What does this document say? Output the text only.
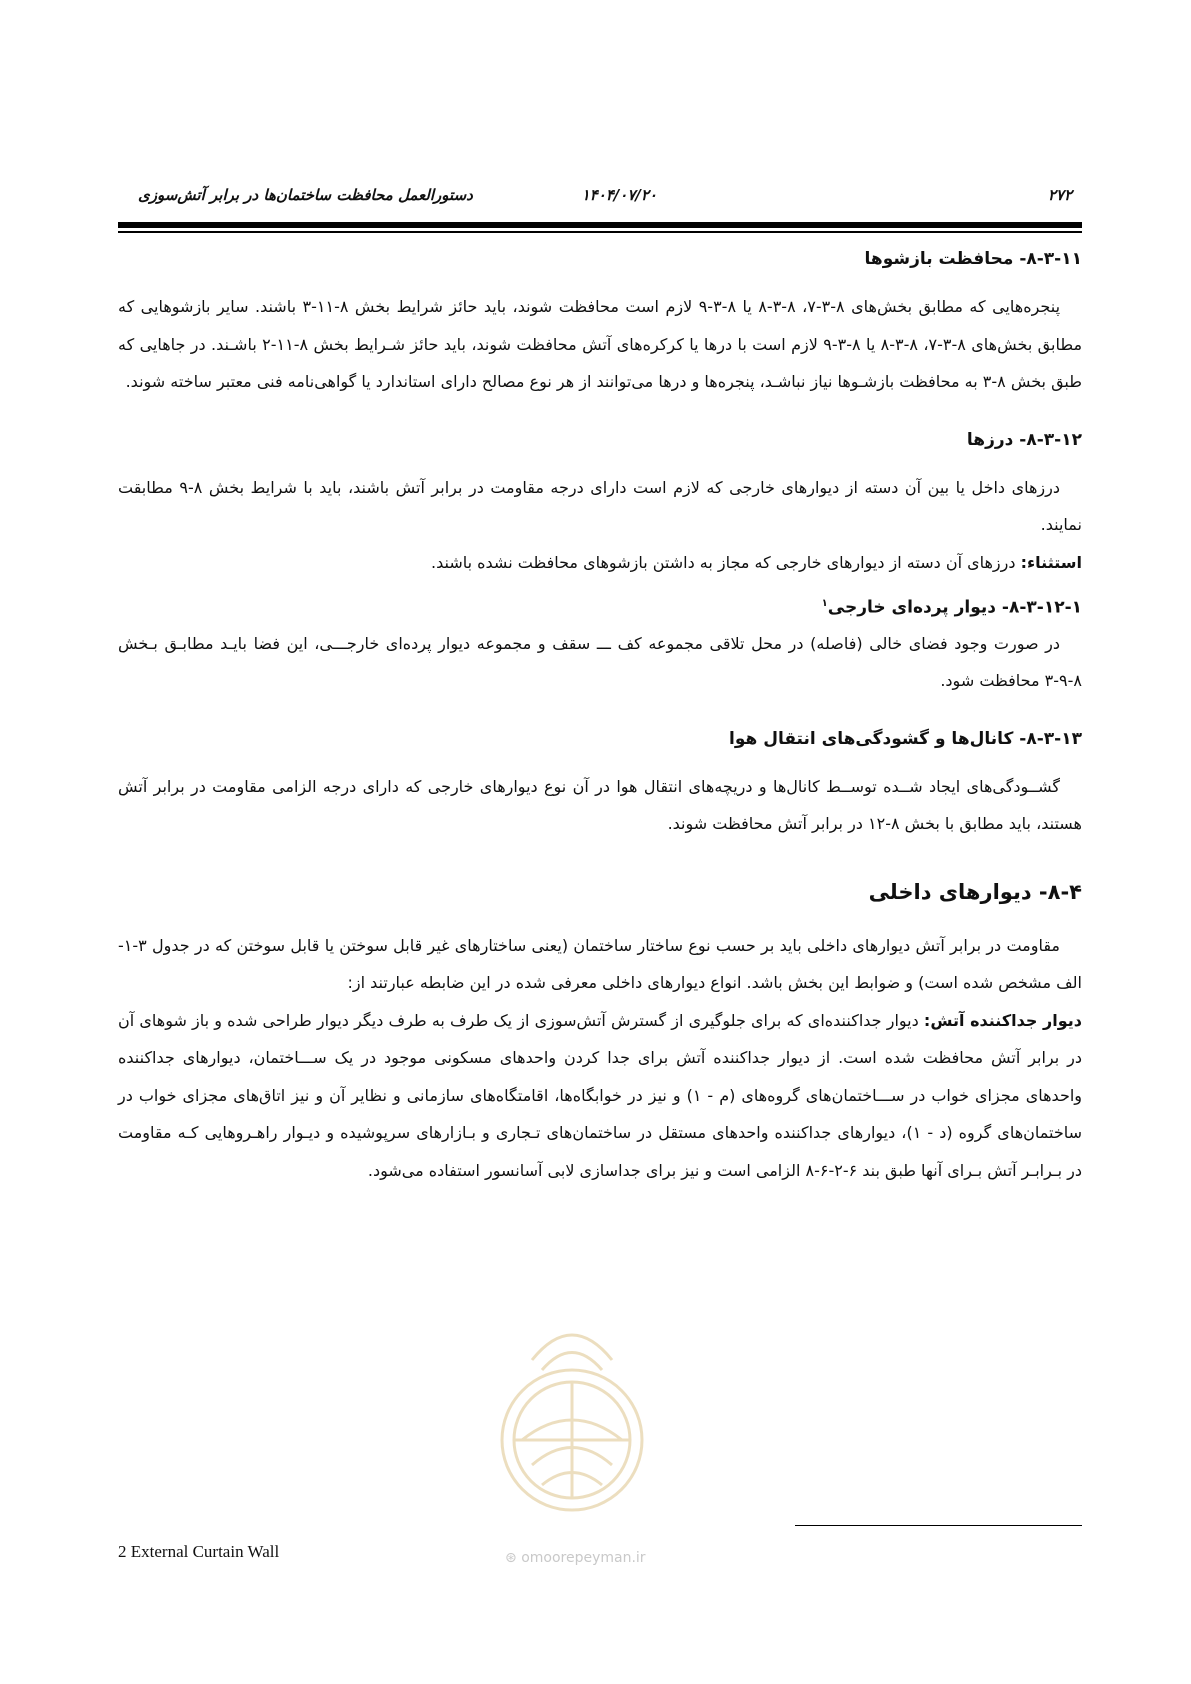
۲۷۲
۱۴۰۴/۰۷/۲۰
دستورالعمل محافظت ساختمان‌ها در برابر آتش‌سوزی
۸-۳-۱۱- محافظت بازشوها

پنجره‌هایی که مطابق بخش‌های ۸-۳-۷، ۸-۳-۸ یا ۸-۳-۹ لازم است محافظت شوند، باید حائز شرایط بخش ۸-۱۱-۳ باشند. سایر بازشوهایی که مطابق بخش‌های ۸-۳-۷، ۸-۳-۸ یا ۸-۳-۹ لازم است با درها یا کرکره‌های آتش محافظت شوند، باید حائز شـرایط بخش ۸-۱۱-۲ باشـند. در جاهایی که طبق بخش ۸-۳ به محافظت بازشـوها نیاز نباشـد، پنجره‌ها و درها می‌توانند از هر نوع مصالح دارای استاندارد یا گواهی‌نامه فنی معتبر ساخته شوند.

۸-۳-۱۲- درزها

درزهای داخل یا بین آن دسته از دیوارهای خارجی که لازم است دارای درجه مقاومت در برابر آتش باشند، باید با شرایط بخش ۸-۹ مطابقت نمایند.

استثناء: درزهای آن دسته از دیوارهای خارجی که مجاز به داشتن بازشوهای محافظت نشده باشند.

۸-۳-۱۲-۱- دیوار پرده‌ای خارجی$^۱$

در صورت وجود فضای خالی (فاصله) در محل تلاقی مجموعه کف ـــ سقف و مجموعه دیوار پرده‌ای خارجـــی، این فضا بایـد مطابـق بـخش ۸-۹-۳ محافظت شود.

۸-۳-۱۳- کانال‌ها و گشودگی‌های انتقال هوا

گشــودگی‌های ایجاد شــده توســط کانال‌ها و دریچه‌های انتقال هوا در آن نوع دیوارهای خارجی که دارای درجه الزامی مقاومت در برابر آتش هستند، باید مطابق با بخش ۸-۱۲ در برابر آتش محافظت شوند.

۸-۴- دیوارهای داخلی

مقاومت در برابر آتش دیوارهای داخلی باید بر حسب نوع ساختار ساختمان (یعنی ساختارهای غیر قابل سوختن یا قابل سوختن که در جدول ۳-۱-الف مشخص شده است) و ضوابط این بخش باشد. انواع دیوارهای داخلی معرفی شده در این ضابطه عبارتند از:

دیوار جداکننده آتش: دیوار جداکننده‌ای که برای جلوگیری از گسترش آتش‌سوزی از یک طرف به طرف دیگر دیوار طراحی شده و باز شوهای آن در برابر آتش محافظت شده است. از دیوار جداکننده آتش برای جدا کردن واحدهای مسکونی موجود در یک ســـاختمان، دیوارهای جداکننده واحدهای مجزای خواب در ســـاختمان‌های گروه‌های (م - ۱) و نیز در خوابگاه‌ها، اقامتگاه‌های سازمانی و نظایر آن و نیز اتاق‌های مجزای خواب در ساختمان‌های گروه (د - ۱)، دیوارهای جداکننده واحدهای مستقل در ساختمان‌های تـجاری و بـازارهای سرپوشیده و دیـوار راهـروهایی کـه مقاومت در بـرابـر آتش بـرای آنها طبق بند ۶-۲-۶-۸ الزامی است و نیز برای جداسازی لابی آسانسور استفاده می‌شود.

2 External Curtain Wall	⊛ omoorepeyman.ir
